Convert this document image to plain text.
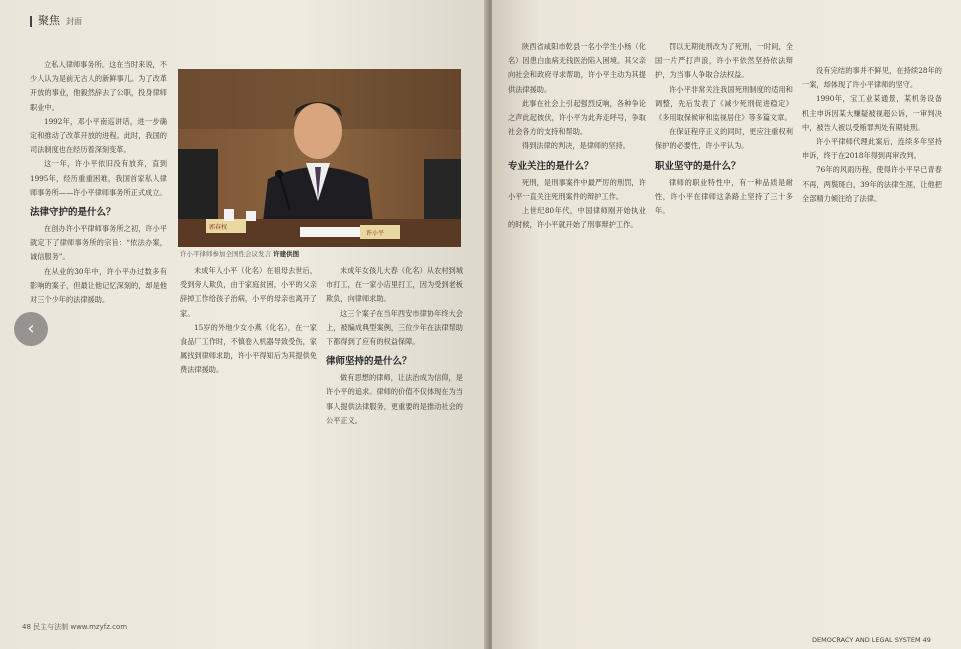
聚焦 封面

立私人律师事务所。这在当时来说，不少人认为是前无古人的新鲜事儿。为了改革开放的事业，他毅然辞去了公职，投身律师职业中。

1992年，邓小平南巡讲话，进一步确定和推动了改革开放的进程。此时，我国的司法制度也在经历着深刻变革。

这一年，许小平依旧没有放弃，直到1995年，经历重重困难，我国首家私人律师事务所——许小平律师事务所正式成立。

法律守护的是什么？

在创办许小平律师事务所之初，许小平就定下了律师事务所的宗旨：“依法办案，诚信服务”。

在从业的30年中，许小平办过数多有影响的案子，但最让他记忆深刻的，却是他对三个少年的法律援助。

郭春权
许小平
许小平律师参加全国性会议发言 许建供图

未成年人小平（化名）在祖母去世后，受到旁人欺负，由于家庭贫困，小平的父亲辞掉工作给孩子治病，小平的母亲也离开了家。

15岁的外地少女小燕（化名），在一家食品厂工作时，不慎卷入机器导致受伤，家属找到律师求助，许小平得知后为其提供免费法律援助。

未成年女孩儿大春（化名）从农村到城市打工，在一家小店里打工，因为受到老板欺负，向律师求助。

这三个案子在当年西安市律协年终大会上，被编成典型案例，三位少年在法律帮助下都得到了应有的权益保障。

律师坚持的是什么？

做有思想的律师，让法治成为信仰，是许小平的追求。律师的价值不仅体现在为当事人提供法律服务，更重要的是推动社会的公平正义。

48 民主与法制 www.mzyfz.com

陕西省咸阳市乾县一名小学生小杨（化名）因患白血病无钱医治陷入困境。其父亲向社会和政府寻求帮助，许小平主动为其提供法律援助。

此事在社会上引起强烈反响，各种争论之声此起彼伏，许小平为此奔走呼号，争取社会各方的支持和帮助。

得到法律的判决，是律师的坚持。

专业关注的是什么？

死刑，是刑事案件中最严厉的刑罚，许小平一直关注死刑案件的辩护工作。

上世纪80年代，中国律师刚开始执业的时候，许小平就开始了刑事辩护工作。

罚以无期徒刑改为了死刑，一时间，全国一片严打声浪，许小平依然坚持依法辩护，为当事人争取合法权益。

许小平非常关注我国死刑制度的适用和调整，先后发表了《减少死刑促进稳定》《多用取保候审和监视居住》等多篇文章。

在保证程序正义的同时，更应注重权利保护的必要性，许小平认为。

职业坚守的是什么？

律师的职业特性中，有一种品质是耐性，许小平在律师这条路上坚持了三十多年。

没有完结的事并不鲜见，在持续28年的一案，却体现了许小平律师的坚守。

1990年，宝工业某通景，某机务设备机主申诉因某大赚疑被视超公诉，一审判决中，被告人被以受贿罪判处有期徒刑。

许小平律师代理此案后，连续多年坚持申诉，终于在2018年得到再审改判。

76年的风雨历程，使得许小平早已青春不再，两鬓斑白，39年的法律生涯，让他把全部精力倾注给了法律。

DEMOCRACY AND LEGAL SYSTEM 49
‹
